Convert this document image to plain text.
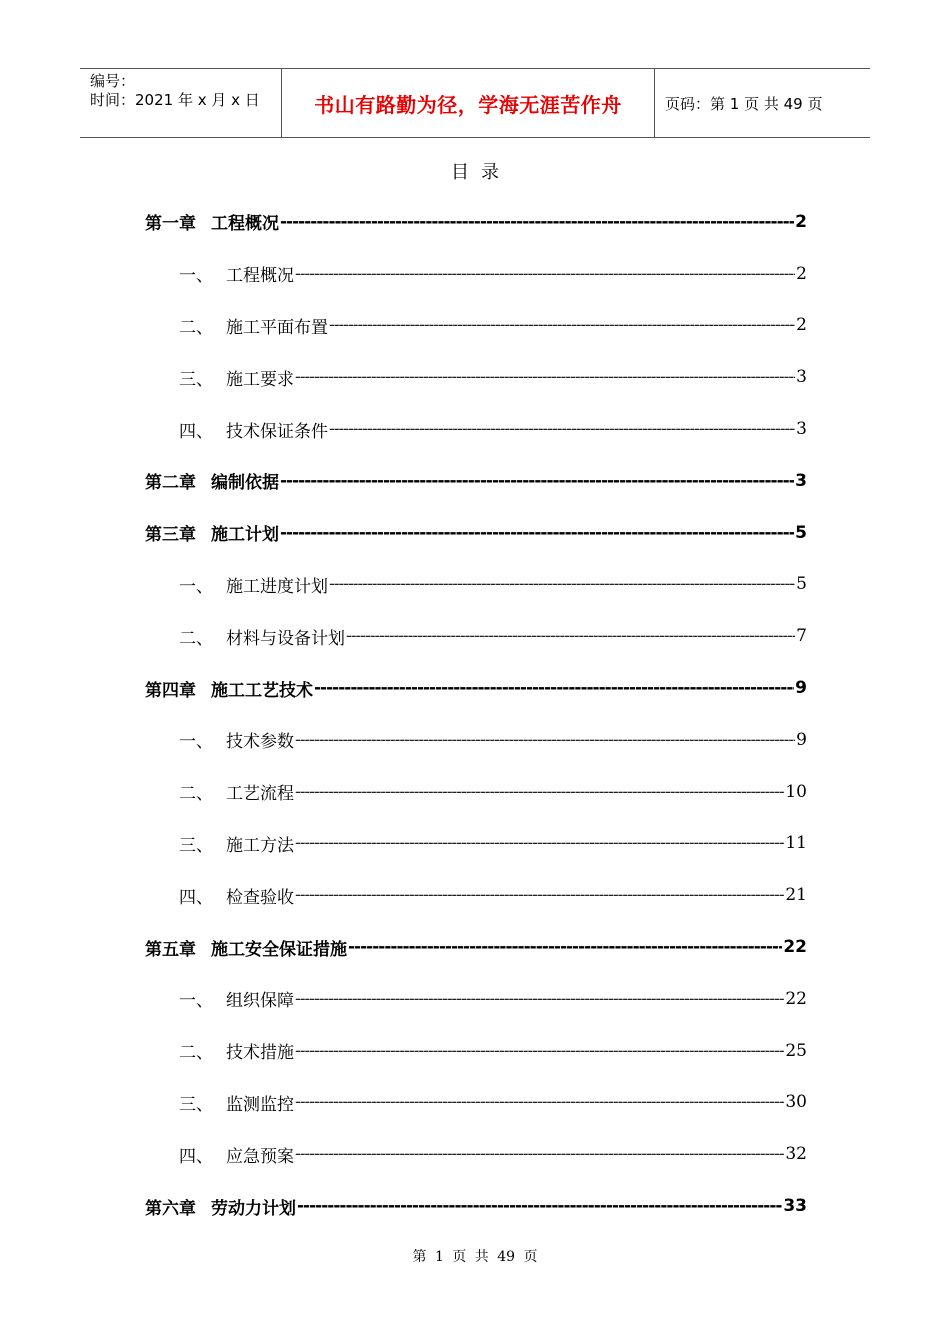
编号：
时间：2021 年 x 月 x 日	书山有路勤为径，学海无涯苦作舟	页码：第 1 页 共 49 页
目录
第一章 工程概况 -----	2
一、 工程概况 -----	2
二、 施工平面布置 -----	2
三、 施工要求 -----	3
四、 技术保证条件 -----	3
第二章 编制依据 -----	3
第三章 施工计划 -----	5
一、 施工进度计划 -----	5
二、 材料与设备计划 -----	7
第四章 施工工艺技术 -----	9
一、 技术参数 -----	9
二、 工艺流程 -----	10
三、 施工方法 -----	11
四、 检查验收 -----	21
第五章 施工安全保证措施 -----	22
一、 组织保障 -----	22
二、 技术措施 -----	25
三、 监测监控 -----	30
四、 应急预案 -----	32
第六章 劳动力计划 -----	33
第 1 页 共 49 页
